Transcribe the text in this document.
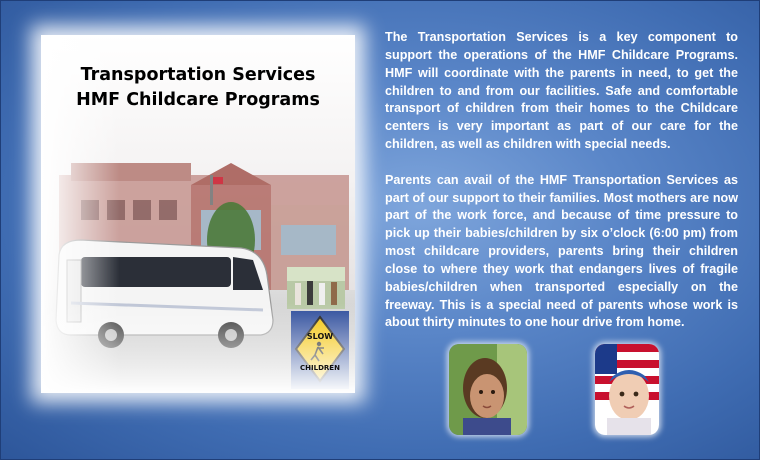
Transportation Services
HMF Childcare Programs
SLOW
CHILDREN

The Transportation Services is a key component to support the operations of the HMF Childcare Programs. HMF will coordinate with the parents in need, to get the children to and from our facilities. Safe and comfortable transport of children from their homes to the Childcare centers is very important as part of our care for the children, as well as children with special needs.

Parents can avail of the HMF Transportation Services as part of our support to their families. Most mothers are now part of the work force, and because of time pressure to pick up their babies/children by six o’clock (6:00 pm) from most childcare providers, parents bring their children close to where they work that endangers lives of fragile babies/children when transported especially on the freeway. This is a special need of parents whose work is about thirty minutes to one hour drive from home.
